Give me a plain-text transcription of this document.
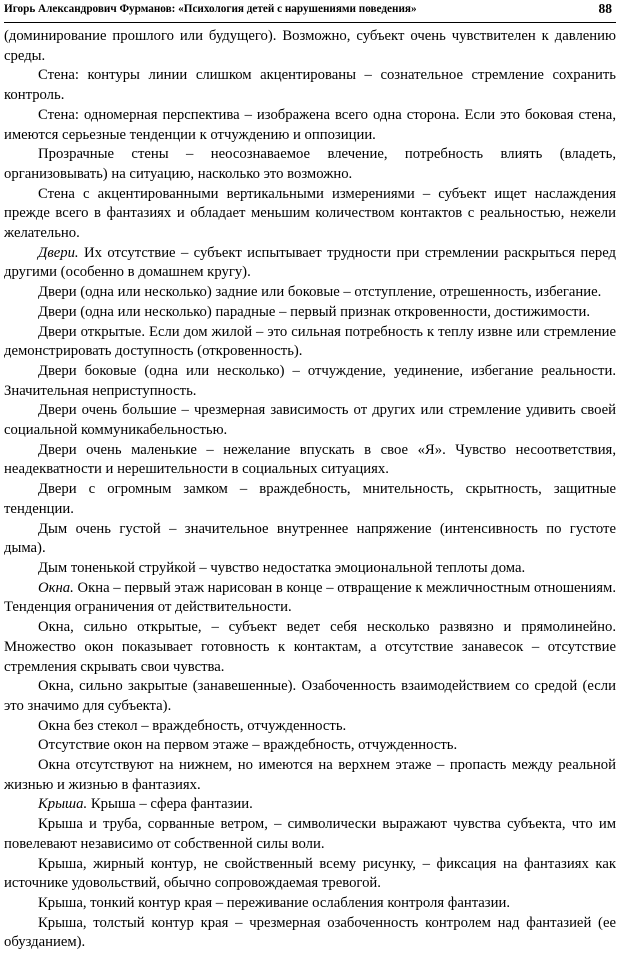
Игорь Александрович Фурманов: «Психология детей с нарушениями поведения»	88

(доминирование прошлого или будущего). Возможно, субъект очень чувствителен к давлению среды.

Стена: контуры линии слишком акцентированы – сознательное стремление сохранить контроль.

Стена: одномерная перспектива – изображена всего одна сторона. Если это боковая стена, имеются серьезные тенденции к отчуждению и оппозиции.

Прозрачные стены – неосознаваемое влечение, потребность влиять (владеть, организовывать) на ситуацию, насколько это возможно.

Стена с акцентированными вертикальными измерениями – субъект ищет наслаждения прежде всего в фантазиях и обладает меньшим количеством контактов с реальностью, нежели желательно.

Двери. Их отсутствие – субъект испытывает трудности при стремлении раскрыться перед другими (особенно в домашнем кругу).

Двери (одна или несколько) задние или боковые – отступление, отрешенность, избегание.

Двери (одна или несколько) парадные – первый признак откровенности, достижимости.

Двери открытые. Если дом жилой – это сильная потребность к теплу извне или стремление демонстрировать доступность (откровенность).

Двери боковые (одна или несколько) – отчуждение, уединение, избегание реальности. Значительная неприступность.

Двери очень большие – чрезмерная зависимость от других или стремление удивить своей социальной коммуникабельностью.

Двери очень маленькие – нежелание впускать в свое «Я». Чувство несоответствия, неадекватности и нерешительности в социальных ситуациях.

Двери с огромным замком – враждебность, мнительность, скрытность, защитные тенденции.

Дым очень густой – значительное внутреннее напряжение (интенсивность по густоте дыма).

Дым тоненькой струйкой – чувство недостатка эмоциональной теплоты дома.

Окна. Окна – первый этаж нарисован в конце – отвращение к межличностным отношениям. Тенденция ограничения от действительности.

Окна, сильно открытые, – субъект ведет себя несколько развязно и прямолинейно. Множество окон показывает готовность к контактам, а отсутствие занавесок – отсутствие стремления скрывать свои чувства.

Окна, сильно закрытые (занавешенные). Озабоченность взаимодействием со средой (если это значимо для субъекта).

Окна без стекол – враждебность, отчужденность.

Отсутствие окон на первом этаже – враждебность, отчужденность.

Окна отсутствуют на нижнем, но имеются на верхнем этаже – пропасть между реальной жизнью и жизнью в фантазиях.

Крыша. Крыша – сфера фантазии.

Крыша и труба, сорванные ветром, – символически выражают чувства субъекта, что им повелевают независимо от собственной силы воли.

Крыша, жирный контур, не свойственный всему рисунку, – фиксация на фантазиях как источнике удовольствий, обычно сопровождаемая тревогой.

Крыша, тонкий контур края – переживание ослабления контроля фантазии.

Крыша, толстый контур края – чрезмерная озабоченность контролем над фантазией (ее обузданием).
